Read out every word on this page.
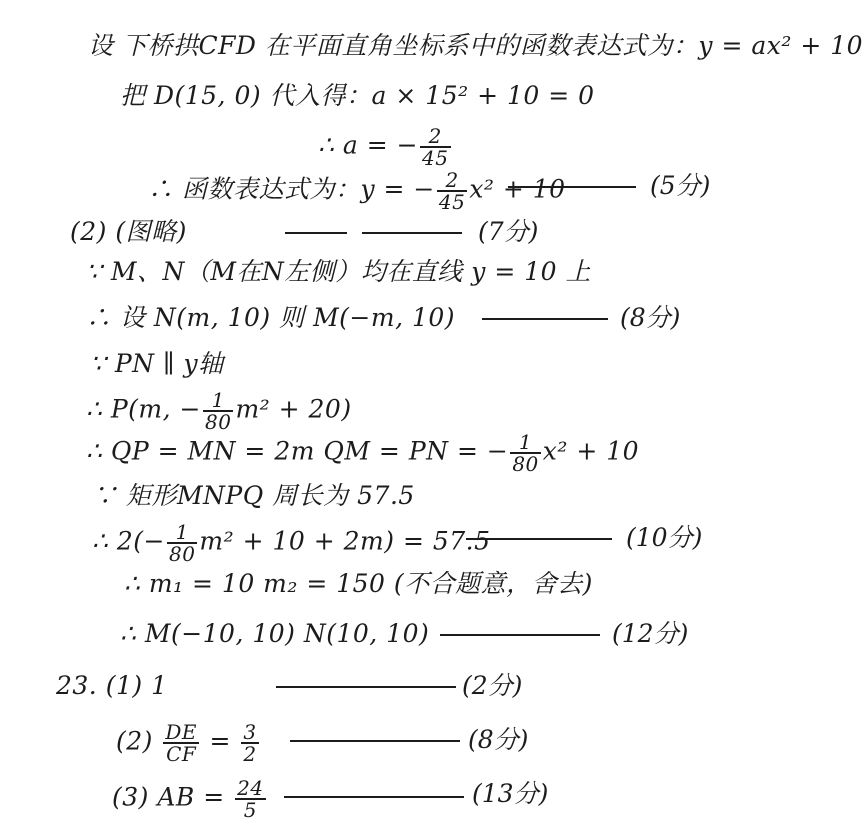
设 下桥拱CFD 在平面直角坐标系中的函数表达式为：y = ax² + 10
把 D(15, 0) 代入得：a × 15² + 10 = 0
∴ a = − $\frac{2}{45}$
∴ 函数表达式为：y = − $\frac{2}{45} x^2 + 10$	(5分)
(2) (图略)	(7分)
∵ M、N（M在N左侧）均在直线 y = 10 上
∴ 设 N(m, 10) 则 M(−m, 10)	(8分)
∵ PN ∥ y轴
∴ P(m, − $\frac{1}{80} m^2 + 20$)
∴ QP = MN = 2m QM = PN = − $\frac{1}{80} x^2 + 10$
∵ 矩形MNPQ 周长为 57.5
∴ $2(- \frac{1}{80} m^2 + 10 + 2m) = 57.5$	(10分)
∴ m₁ = 10 m₂ = 150 (不合题意，舍去)
∴ M(−10, 10) N(10, 10)	(12分)
23. (1) 1	(2分)
$(2) \frac{DE}{CF} = \frac{3}{2}$	(8分)
(3) AB = $\frac{24}{5}$	(13分)
